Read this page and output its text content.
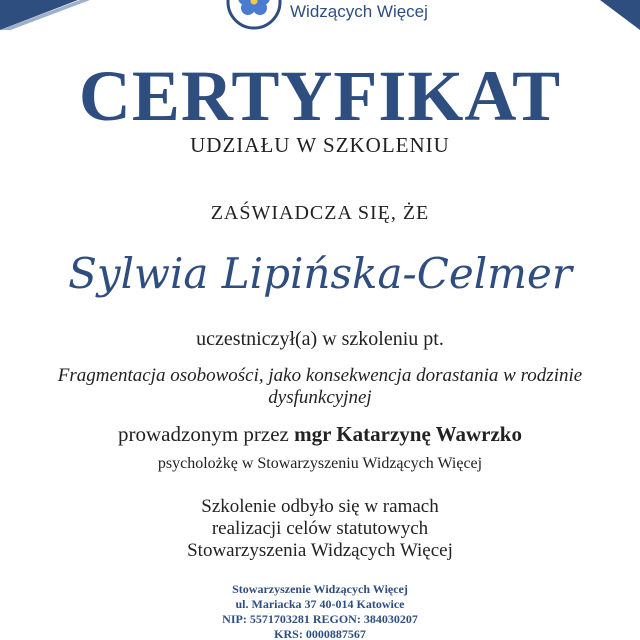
Widzących Więcej
CERTYFIKAT
UDZIAŁU W SZKOLENIU
ZAŚWIADCZA SIĘ, ŻE
Sylwia Lipińska-Celmer
uczestniczył(a) w szkoleniu pt.
Fragmentacja osobowości, jako konsekwencja dorastania w rodzinie dysfunkcyjnej
prowadzonym przez mgr Katarzynę Wawrzko
psycholożkę w Stowarzyszeniu Widzących Więcej
Szkolenie odbyło się w ramach
realizacji celów statutowych
Stowarzyszenia Widzących Więcej
Stowarzyszenie Widzących Więcej
ul. Mariacka 37 40-014 Katowice
NIP: 5571703281 REGON: 384030207
KRS: 0000887567
